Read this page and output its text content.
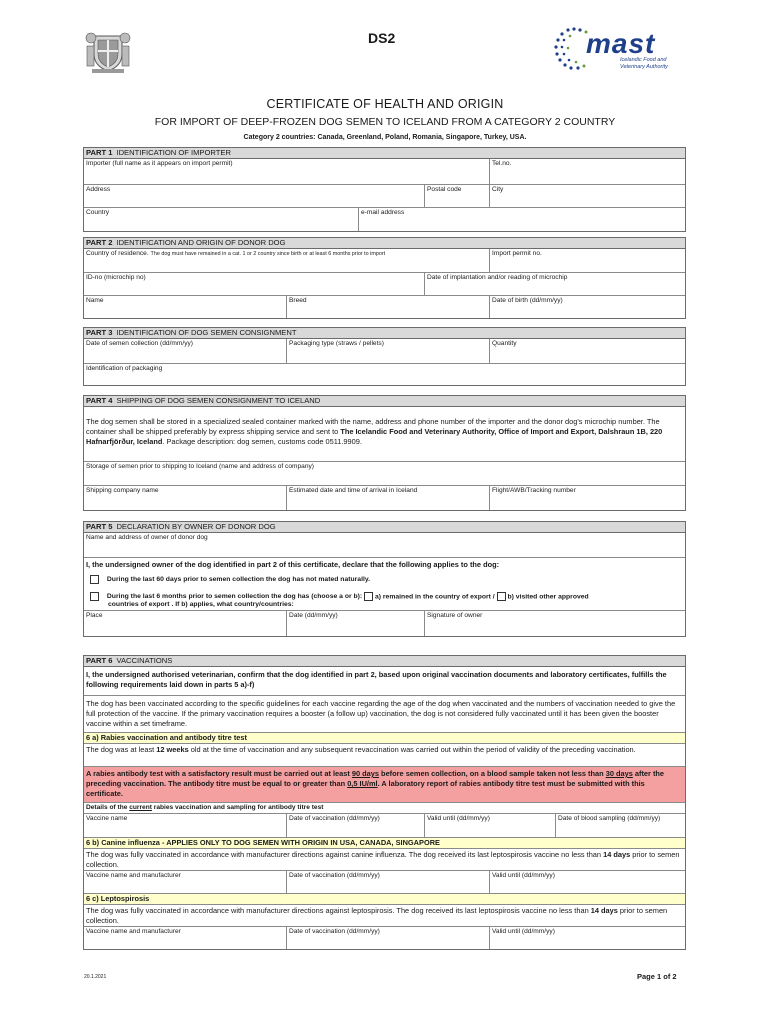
DS2	mast
Icelandic Food and
Veterinary Authority
CERTIFICATE OF HEALTH AND ORIGIN
FOR IMPORT OF DEEP-FROZEN DOG SEMEN TO ICELAND FROM A CATEGORY 2 COUNTRY
Category 2 countries: Canada, Greenland, Poland, Romania, Singapore, Turkey, USA.
PART 1 IDENTIFICATION OF IMPORTER
Importer (full name as it appears on import permit)	Tel.no.
Address	Postal code	City
Country	e-mail address
PART 2 IDENTIFICATION AND ORIGIN OF DONOR DOG
Country of residence. The dog must have remained in a cat. 1 or 2 country since birth or at least 6 months prior to import	Import permit no.
ID-no (microchip no)	Date of implantation and/or reading of microchip
Name	Breed	Date of birth (dd/mm/yy)
PART 3 IDENTIFICATION OF DOG SEMEN CONSIGNMENT
Date of semen collection (dd/mm/yy)	Packaging type (straws / pellets)	Quantity
Identification of packaging
PART 4 SHIPPING OF DOG SEMEN CONSIGNMENT TO ICELAND
The dog semen shall be stored in a specialized sealed container marked with the name, address and phone number of the importer and the donor dog's microchip number. The container shall be shipped preferably by express shipping service and sent to The Icelandic Food and Veterinary Authority, Office of Import and Export, Dalshraun 1B, 220 Hafnarfjörður, Iceland. Package description: dog semen, customs code 0511.9909.
Storage of semen prior to shipping to Iceland (name and address of company)
Shipping company name	Estimated date and time of arrival in Iceland	Flight/AWB/Tracking number
PART 5 DECLARATION BY OWNER OF DONOR DOG
Name and address of owner of donor dog
I, the undersigned owner of the dog identified in part 2 of this certificate, declare that the following applies to the dog:
During the last 60 days prior to semen collection the dog has not mated naturally.
During the last 6 months prior to semen collection the dog has (choose a or b): a) remained in the country of export / b) visited other approved
countries of export . If b) applies, what country/countries:
Place	Date (dd/mm/yy)	Signature of owner
PART 6 VACCINATIONS
I, the undersigned authorised veterinarian, confirm that the dog identified in part 2, based upon original vaccination documents and laboratory certificates, fulfills the following requirements laid down in parts 5 a)-f)
The dog has been vaccinated according to the specific guidelines for each vaccine regarding the age of the dog when vaccinated and the numbers of vaccination needed to give the full protection of the vaccine. If the primary vaccination requires a booster (a follow up) vaccination, the dog is not considered fully vaccinated until it has been given the booster vaccine within a set timeframe.
6 a) Rabies vaccination and antibody titre test
The dog was at least 12 weeks old at the time of vaccination and any subsequent revaccination was carried out within the period of validity of the preceding vaccination.
A rabies antibody test with a satisfactory result must be carried out at least 90 days before semen collection, on a blood sample taken not less than 30 days after the preceding vaccination. The antibody titre must be equal to or greater than 0,5 IU/ml. A laboratory report of rabies antibody titre test must be submitted with this certificate.
Details of the current rabies vaccination and sampling for antibody titre test
Vaccine name	Date of vaccination (dd/mm/yy)	Valid until (dd/mm/yy)	Date of blood sampling (dd/mm/yy)
6 b) Canine influenza - APPLIES ONLY TO DOG SEMEN WITH ORIGIN IN USA, CANADA, SINGAPORE
The dog was fully vaccinated in accordance with manufacturer directions against canine influenza. The dog received its last leptospirosis vaccine no less than 14 days prior to semen collection.
Vaccine name and manufacturer	Date of vaccination (dd/mm/yy)	Valid until (dd/mm/yy)
6 c) Leptospirosis
The dog was fully vaccinated in accordance with manufacturer directions against leptospirosis. The dog received its last leptospirosis vaccine no less than 14 days prior to semen collection.
Vaccine name and manufacturer	Date of vaccination (dd/mm/yy)	Valid until (dd/mm/yy)
20.1.2021	Page 1 of 2
